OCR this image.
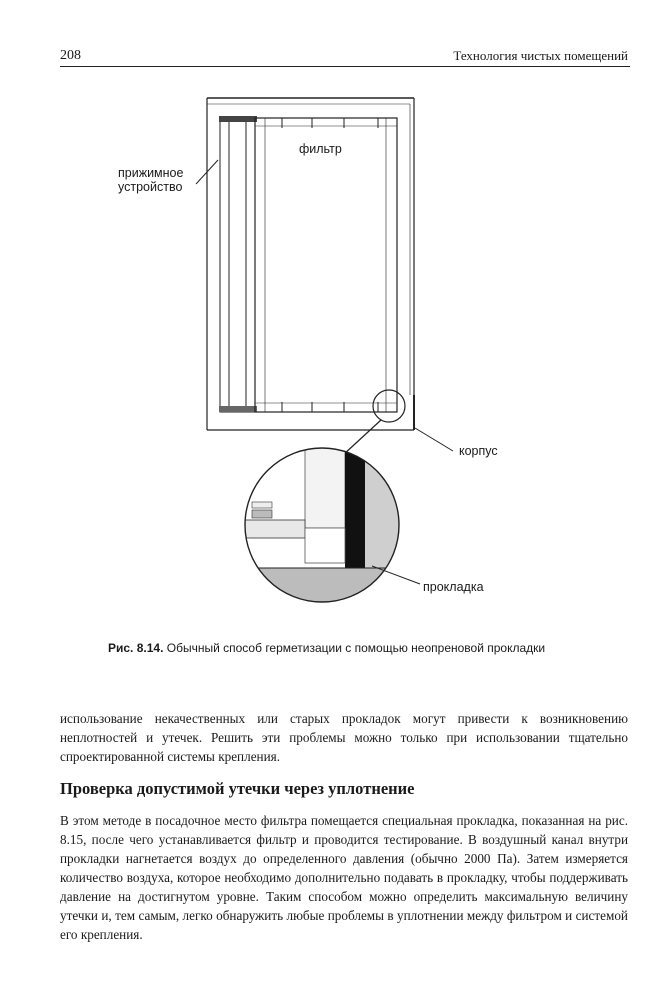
208	Технология чистых помещений
прижимное
устройство
фильтр
корпус
прокладка
Рис. 8.14. Обычный способ герметизации с помощью неопреновой прокладки
использование некачественных или старых прокладок могут привести к возникновению неплотностей и утечек. Решить эти проблемы можно только при использовании тщательно спроектированной системы крепления.
Проверка допустимой утечки через уплотнение
В этом методе в посадочное место фильтра помещается специальная прокладка, показанная на рис. 8.15, после чего устанавливается фильтр и проводится тестирование. В воздушный канал внутри прокладки нагнетается воздух до определенного давления (обычно 2000 Па). Затем измеряется количество воздуха, которое необходимо дополнительно подавать в прокладку, чтобы поддерживать давление на достигнутом уровне. Таким способом можно определить максимальную величину утечки и, тем самым, легко обнаружить любые проблемы в уплотнении между фильтром и системой его крепления.
